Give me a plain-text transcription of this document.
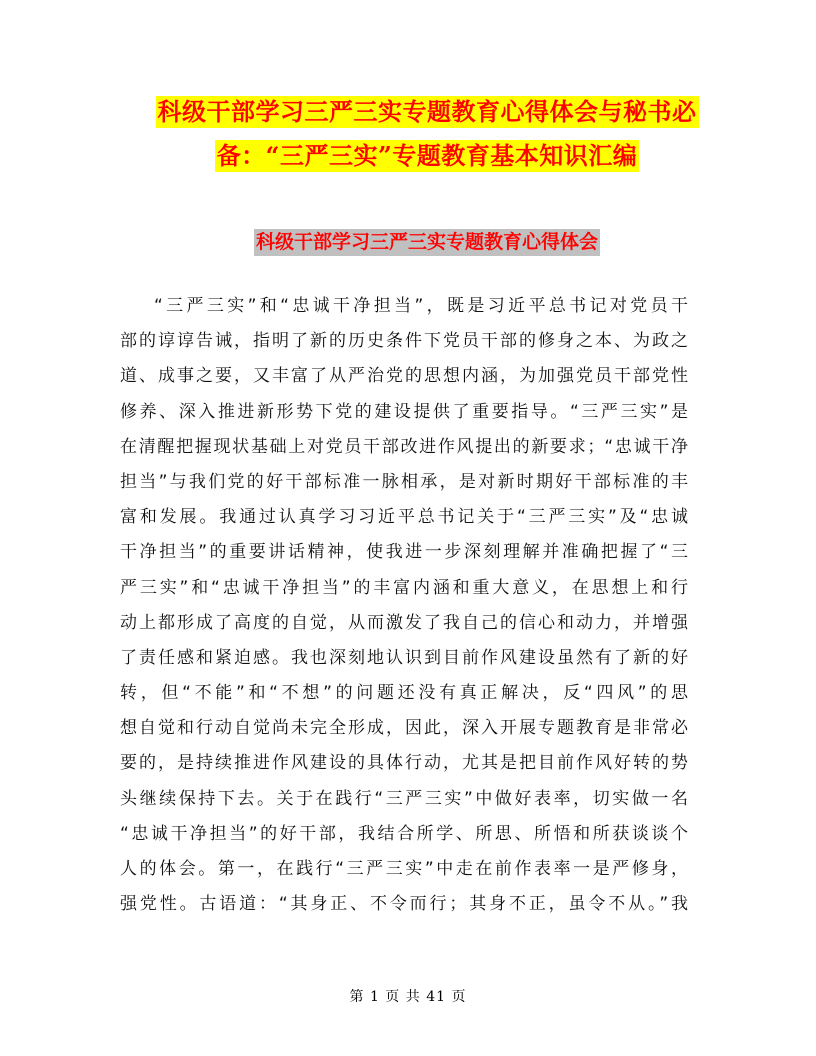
科级干部学习三严三实专题教育心得体会与秘书必
备：“三严三实”专题教育基本知识汇编
科级干部学习三严三实专题教育心得体会
“三严三实”和“忠诚干净担当”，既是习近平总书记对党员干
部的谆谆告诫，指明了新的历史条件下党员干部的修身之本、为政之
道、成事之要，又丰富了从严治党的思想内涵，为加强党员干部党性
修养、深入推进新形势下党的建设提供了重要指导。“三严三实”是
在清醒把握现状基础上对党员干部改进作风提出的新要求；“忠诚干净
担当”与我们党的好干部标准一脉相承，是对新时期好干部标准的丰
富和发展。我通过认真学习习近平总书记关于“三严三实”及“忠诚
干净担当”的重要讲话精神，使我进一步深刻理解并准确把握了“三
严三实”和“忠诚干净担当”的丰富内涵和重大意义，在思想上和行
动上都形成了高度的自觉，从而激发了我自己的信心和动力，并增强
了责任感和紧迫感。我也深刻地认识到目前作风建设虽然有了新的好
转，但“不能”和“不想”的问题还没有真正解决，反“四风”的思
想自觉和行动自觉尚未完全形成，因此，深入开展专题教育是非常必
要的，是持续推进作风建设的具体行动，尤其是把目前作风好转的势
头继续保持下去。关于在践行“三严三实”中做好表率，切实做一名
“忠诚干净担当”的好干部，我结合所学、所思、所悟和所获谈谈个
人的体会。第一，在践行“三严三实”中走在前作表率一是严修身，
强党性。古语道：“其身正、不令而行；其身不正，虽令不从。”我
第 1 页 共 41 页
